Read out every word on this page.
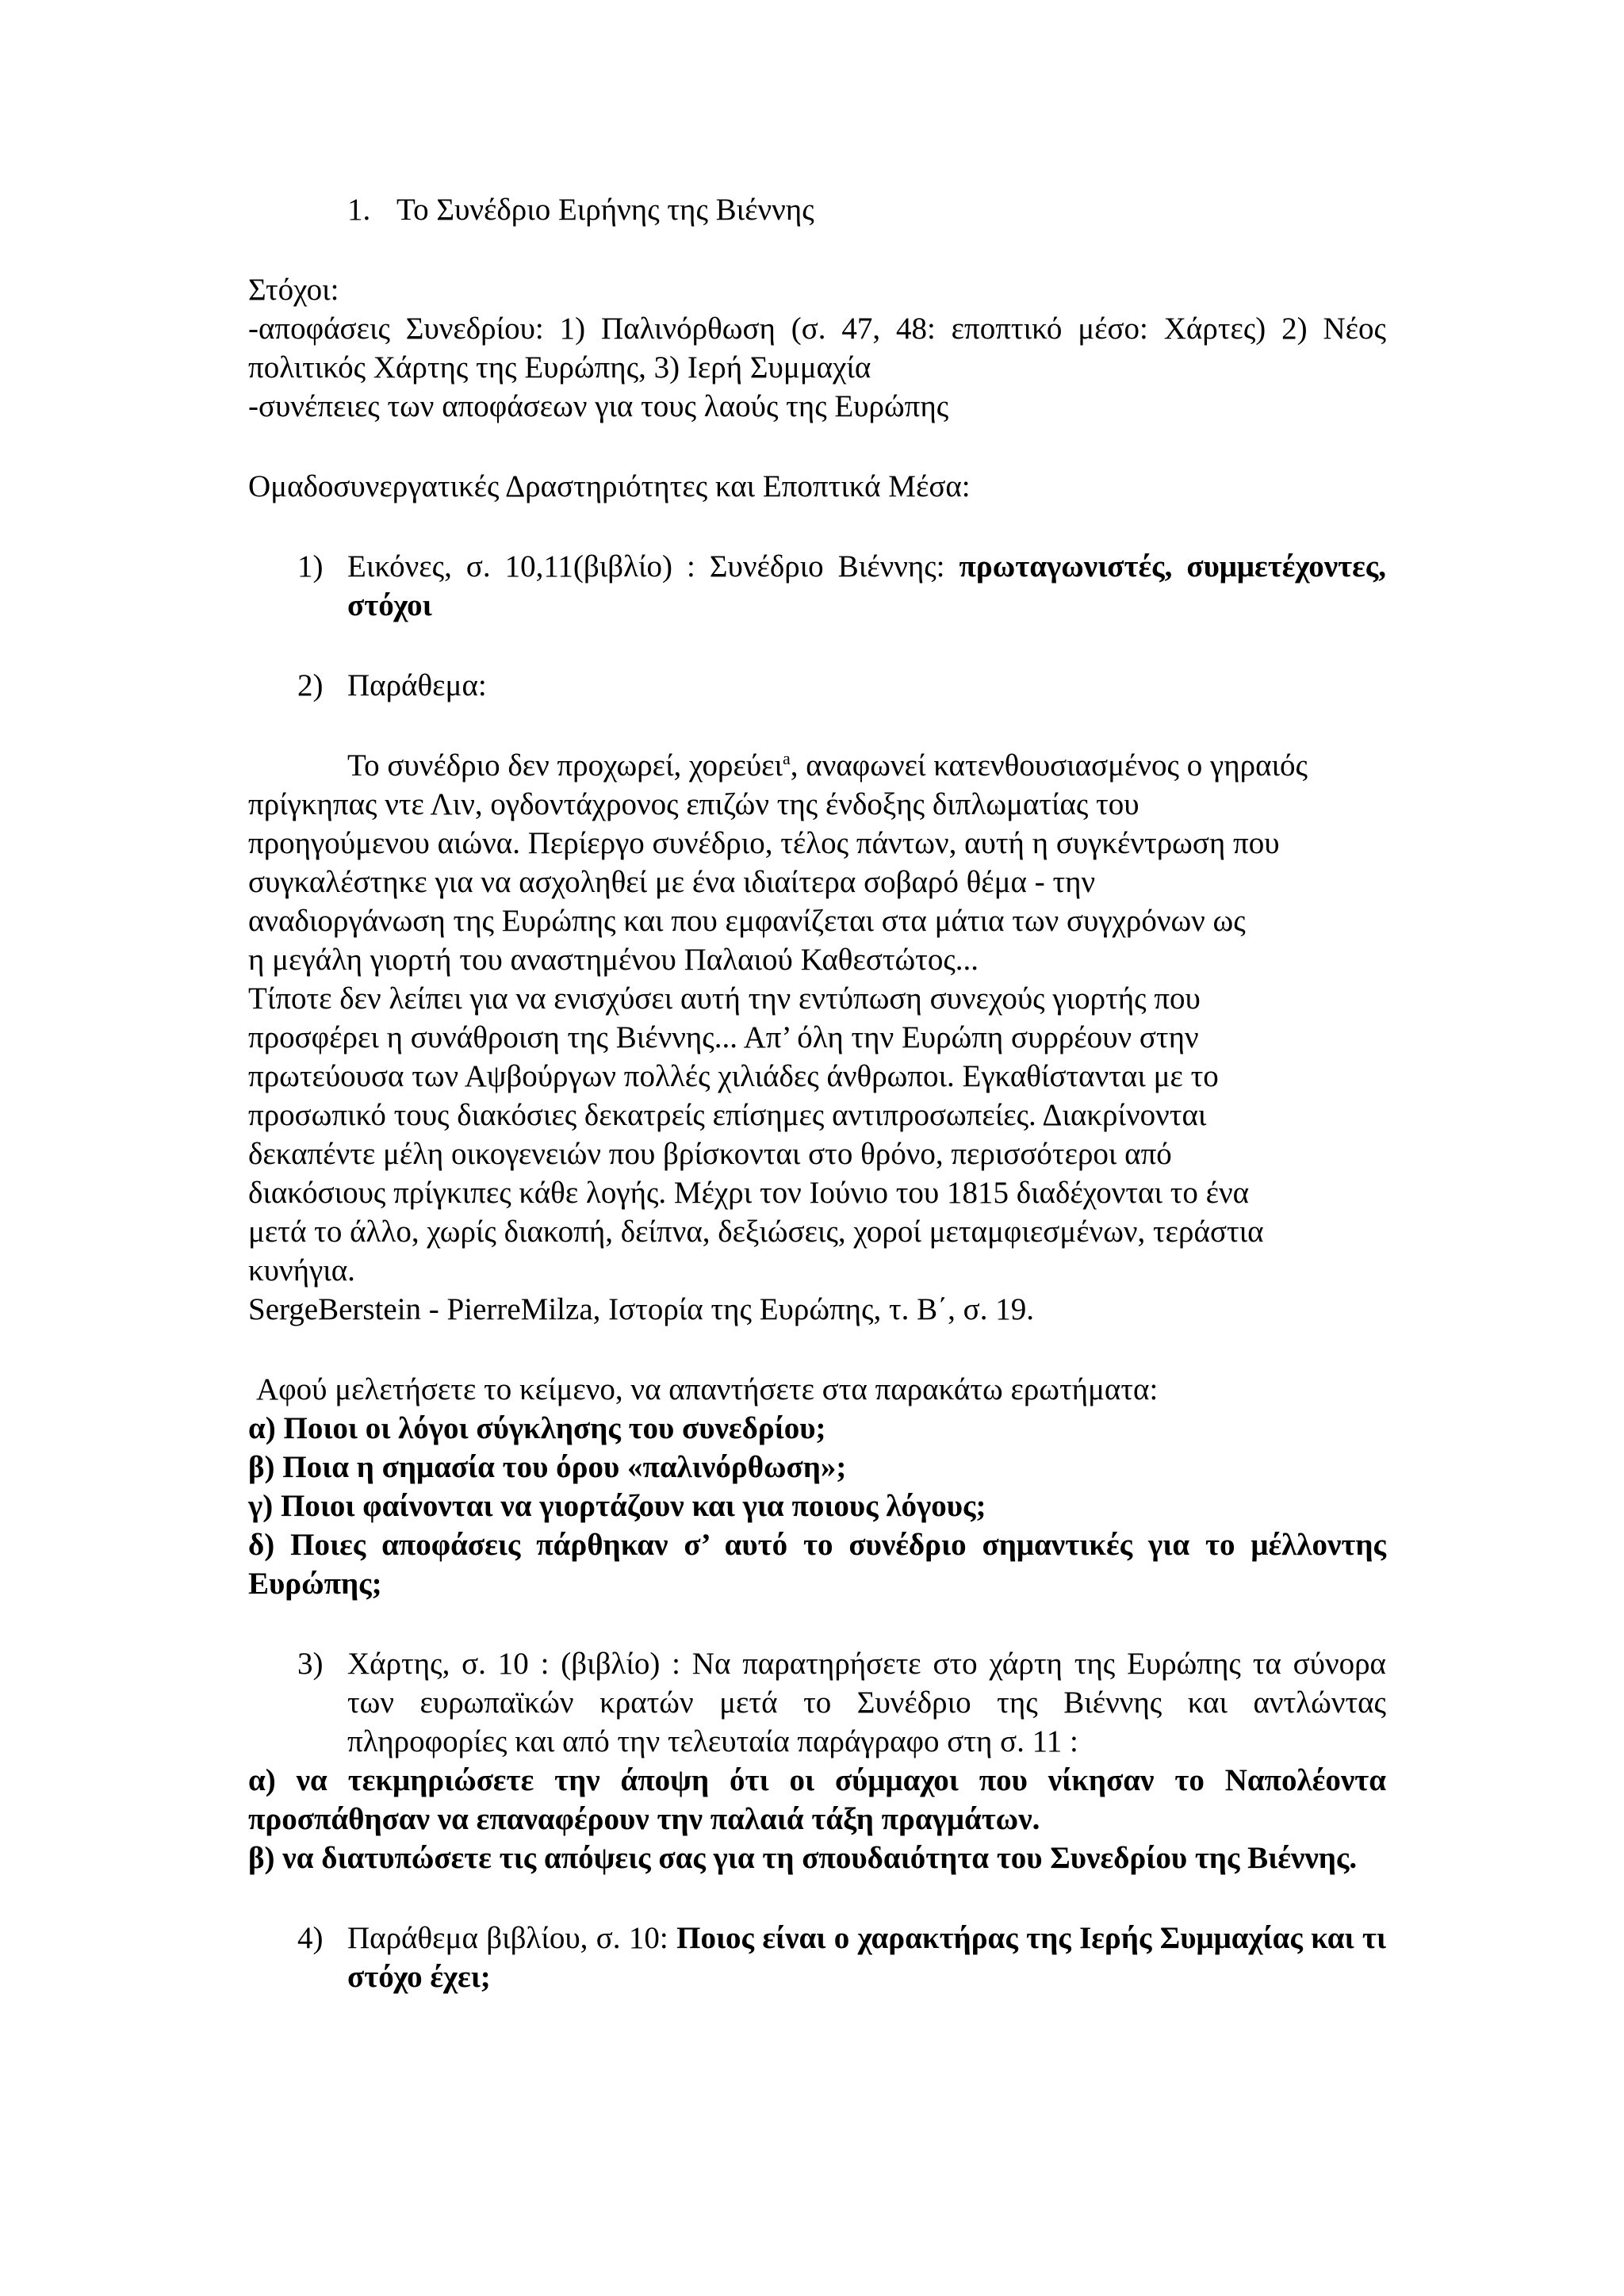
1. Το Συνέδριο Ειρήνης της Βιέννης

Στόχοι:

-αποφάσεις Συνεδρίου: 1) Παλινόρθωση (σ. 47, 48: εποπτικό μέσο: Χάρτες) 2) Νέος πολιτικός Χάρτης της Ευρώπης, 3) Ιερή Συμμαχία

-συνέπειες των αποφάσεων για τους λαούς της Ευρώπης

Ομαδοσυνεργατικές Δραστηριότητες και Εποπτικά Μέσα:

1) Εικόνες, σ. 10,11(βιβλίο) : Συνέδριο Βιέννης: πρωταγωνιστές, συμμετέχοντες, στόχοι
2) Παράθεμα:

Το συνέδριο δεν προχωρεί, χορεύει$^a$, αναφωνεί κατενθουσιασμένος ο γηραιός

πρίγκηπας ντε Λιν, ογδοντάχρονος επιζών της ένδοξης διπλωματίας του

προηγούμενου αιώνα. Περίεργο συνέδριο, τέλος πάντων, αυτή η συγκέντρωση που

συγκαλέστηκε για να ασχοληθεί με ένα ιδιαίτερα σοβαρό θέμα - την

αναδιοργάνωση της Ευρώπης και που εμφανίζεται στα μάτια των συγχρόνων ως

η μεγάλη γιορτή του αναστημένου Παλαιού Καθεστώτος...

Τίποτε δεν λείπει για να ενισχύσει αυτή την εντύπωση συνεχούς γιορτής που

προσφέρει η συνάθροιση της Βιέννης... Απ’ όλη την Ευρώπη συρρέουν στην

πρωτεύουσα των Αψβούργων πολλές χιλιάδες άνθρωποι. Εγκαθίστανται με το

προσωπικό τους διακόσιες δεκατρείς επίσημες αντιπροσωπείες. Διακρίνονται

δεκαπέντε μέλη οικογενειών που βρίσκονται στο θρόνο, περισσότεροι από

διακόσιους πρίγκιπες κάθε λογής. Μέχρι τον Ιούνιο του 1815 διαδέχονται το ένα

μετά το άλλο, χωρίς διακοπή, δείπνα, δεξιώσεις, χοροί μεταμφιεσμένων, τεράστια

κυνήγια.

SergeBerstein - PierreMilza, Ιστορία της Ευρώπης, τ. Β΄, σ. 19.

Αφού μελετήσετε το κείμενο, να απαντήσετε στα παρακάτω ερωτήματα:

α) Ποιοι οι λόγοι σύγκλησης του συνεδρίου;

β) Ποια η σημασία του όρου «παλινόρθωση»;

γ) Ποιοι φαίνονται να γιορτάζουν και για ποιους λόγους;

δ) Ποιες αποφάσεις πάρθηκαν σ’ αυτό το συνέδριο σημαντικές για το μέλλοντης Ευρώπης;

3) Χάρτης, σ. 10 : (βιβλίο) : Να παρατηρήσετε στο χάρτη της Ευρώπης τα σύνορα των ευρωπαϊκών κρατών μετά το Συνέδριο της Βιέννης και αντλώντας πληροφορίες και από την τελευταία παράγραφο στη σ. 11 :

α) να τεκμηριώσετε την άποψη ότι οι σύμμαχοι που νίκησαν το Ναπολέοντα προσπάθησαν να επαναφέρουν την παλαιά τάξη πραγμάτων.

β) να διατυπώσετε τις απόψεις σας για τη σπουδαιότητα του Συνεδρίου της Βιέννης.

4) Παράθεμα βιβλίου, σ. 10: Ποιος είναι ο χαρακτήρας της Ιερής Συμμαχίας και τι στόχο έχει;
